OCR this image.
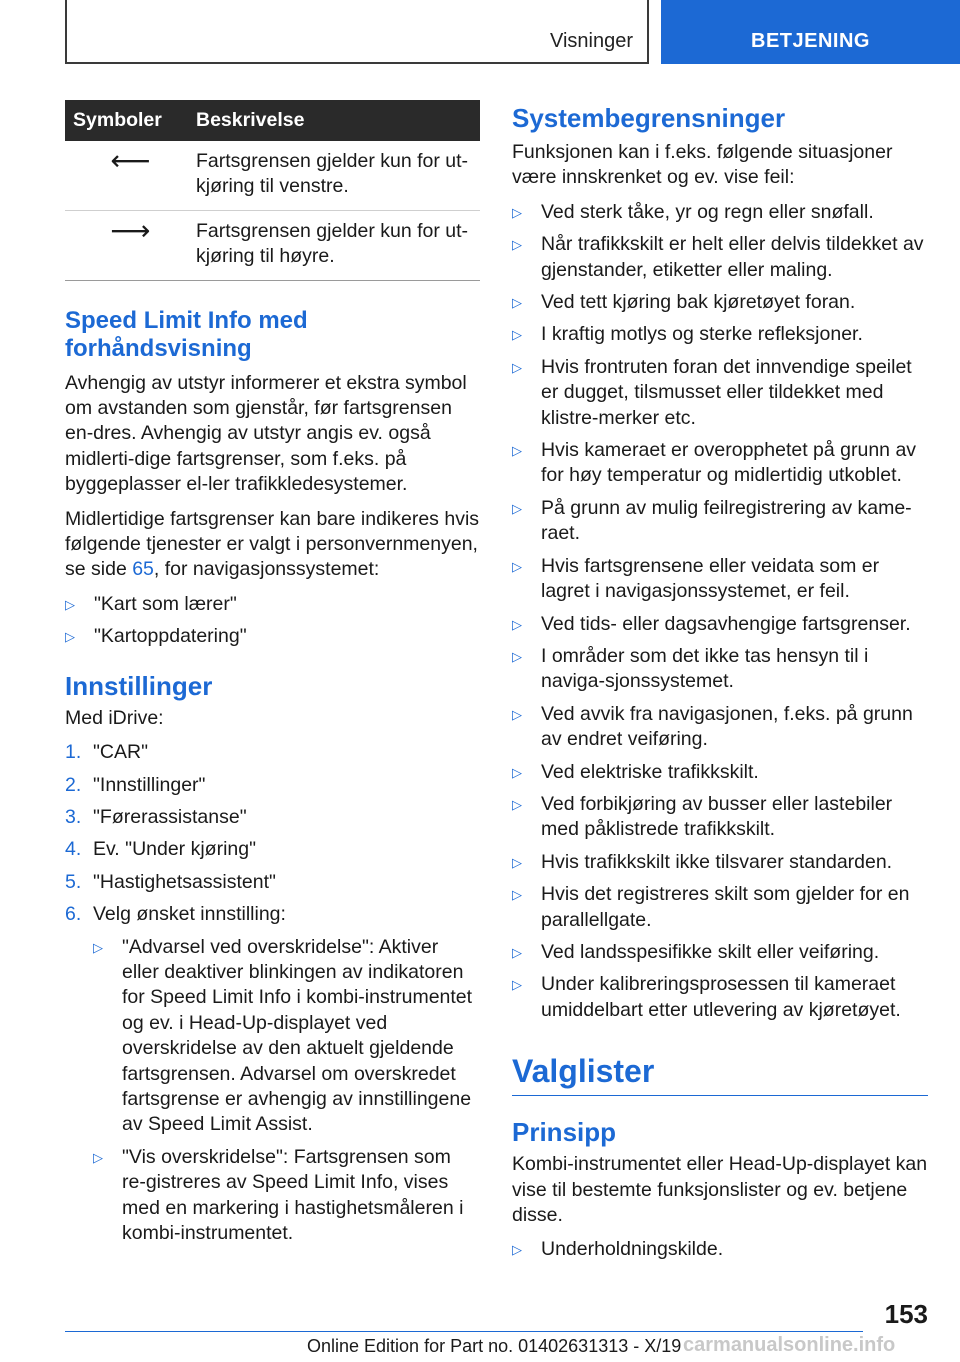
Visninger	BETJENING
Symboler	Beskrivelse
⟵	Fartsgrensen gjelder kun for ut-kjøring til venstre.
⟶	Fartsgrensen gjelder kun for ut-kjøring til høyre.
Speed Limit Info med forhåndsvisning

Avhengig av utstyr informerer et ekstra symbol om avstanden som gjenstår, før fartsgrensen en-dres. Avhengig av utstyr angis ev. også midlerti-dige fartsgrenser, som f.eks. på byggeplasser el-ler trafikkledesystemer.

Midlertidige fartsgrenser kan bare indikeres hvis følgende tjenester er valgt i personvernmenyen, se side 65, for navigasjonssystemet:

▷ "Kart som lærer"
▷ "Kartoppdatering"
Innstillinger

Med iDrive:

1. "CAR"
2. "Innstillinger"
3. "Førerassistanse"
4. Ev. "Under kjøring"
5. "Hastighetsassistent"
6. Velg ønsket innstilling:
▷ "Advarsel ved overskridelse": Aktiver eller deaktiver blinkingen av indikatoren for Speed Limit Info i kombi-instrumentet og ev. i Head-Up-displayet ved overskridelse av den aktuelt gjeldende fartsgrensen. Advarsel om overskredet fartsgrense er avhengig av innstillingene av Speed Limit Assist.
▷ "Vis overskridelse": Fartsgrensen som re-gistreres av Speed Limit Info, vises med en markering i hastighetsmåleren i kombi-instrumentet.
Systembegrensninger

Funksjonen kan i f.eks. følgende situasjoner være innskrenket og ev. vise feil:

▷ Ved sterk tåke, yr og regn eller snøfall.
▷ Når trafikkskilt er helt eller delvis tildekket av gjenstander, etiketter eller maling.
▷ Ved tett kjøring bak kjøretøyet foran.
▷ I kraftig motlys og sterke refleksjoner.
▷ Hvis frontruten foran det innvendige speilet er dugget, tilsmusset eller tildekket med klistre-merker etc.
▷ Hvis kameraet er overopphetet på grunn av for høy temperatur og midlertidig utkoblet.
▷ På grunn av mulig feilregistrering av kame-raet.
▷ Hvis fartsgrensene eller veidata som er lagret i navigasjonssystemet, er feil.
▷ Ved tids- eller dagsavhengige fartsgrenser.
▷ I områder som det ikke tas hensyn til i naviga-sjonssystemet.
▷ Ved avvik fra navigasjonen, f.eks. på grunn av endret veiføring.
▷ Ved elektriske trafikkskilt.
▷ Ved forbikjøring av busser eller lastebiler med påklistrede trafikkskilt.
▷ Hvis trafikkskilt ikke tilsvarer standarden.
▷ Hvis det registreres skilt som gjelder for en parallellgate.
▷ Ved landsspesifikke skilt eller veiføring.
▷ Under kalibreringsprosessen til kameraet umiddelbart etter utlevering av kjøretøyet.
Valglister
Prinsipp

Kombi-instrumentet eller Head-Up-displayet kan vise til bestemte funksjonslister og ev. betjene disse.

▷ Underholdningskilde.
153
Online Edition for Part no. 01402631313 - X/19 carmanualsonline.info
